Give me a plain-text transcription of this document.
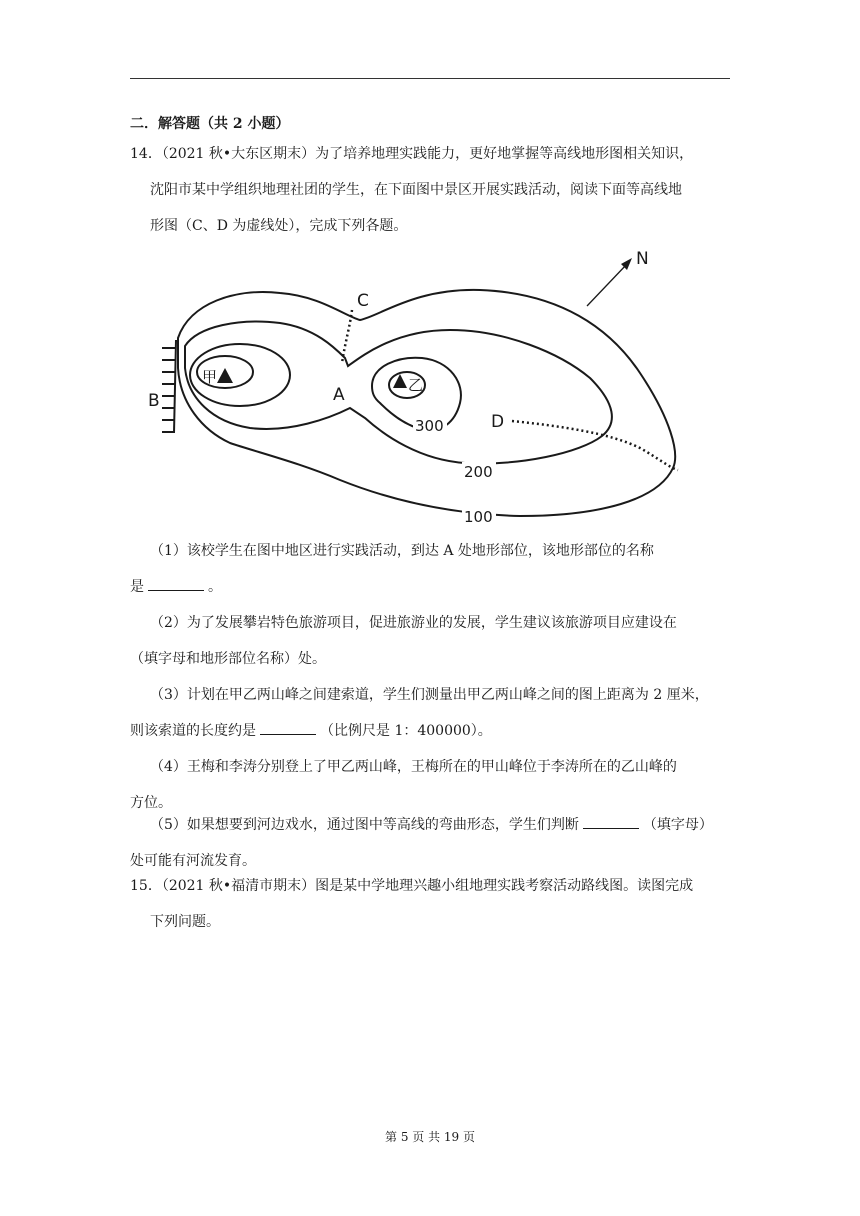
二．解答题（共 2 小题）
14．（2021 秋•大东区期末）为了培养地理实践能力，更好地掌握等高线地形图相关知识，
沈阳市某中学组织地理社团的学生，在下面图中景区开展实践活动，阅读下面等高线地
形图（C、D 为虚线处），完成下列各题。
N
甲	乙
300
200
100
B	A
C
D
（1）该校学生在图中地区进行实践活动，到达 A 处地形部位，该地形部位的名称
是	。
（2）为了发展攀岩特色旅游项目，促进旅游业的发展，学生建议该旅游项目应建设在
（填字母和地形部位名称）处。
（3）计划在甲乙两山峰之间建索道，学生们测量出甲乙两山峰之间的图上距离为 2 厘米，
则该索道的长度约是	（比例尺是 1：400000）。
（4）王梅和李涛分别登上了甲乙两山峰，王梅所在的甲山峰位于李涛所在的乙山峰的
方位。
（5）如果想要到河边戏水，通过图中等高线的弯曲形态，学生们判断	（填字母）
处可能有河流发育。
15．（2021 秋•福清市期末）图是某中学地理兴趣小组地理实践考察活动路线图。读图完成
下列问题。
第 5 页 共 19 页
